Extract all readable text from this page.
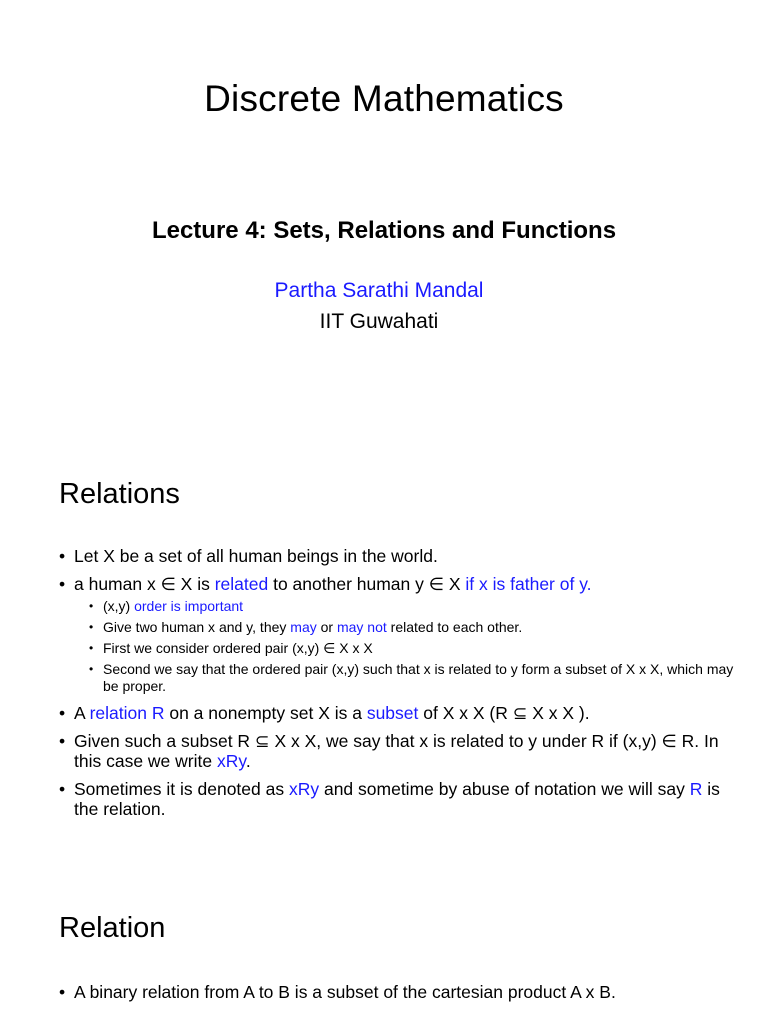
Discrete Mathematics
Lecture 4: Sets, Relations and Functions
Partha Sarathi Mandal
IIT Guwahati
Relations
• Let X be a set of all human beings in the world.
• a human x ∈ X is related to another human y ∈ X if x is father of y.
• (x,y) order is important
• Give two human x and y, they may or may not related to each other.
• First we consider ordered pair (x,y) ∈ X x X
• Second we say that the ordered pair (x,y) such that x is related to y form a subset of X x X, which may be proper.
• A relation R on a nonempty set X is a subset of X x X (R ⊆ X x X ).
• Given such a subset R ⊆ X x X, we say that x is related to y under R if (x,y) ∈ R. In this case we write xRy.
• Sometimes it is denoted as xRy and sometime by abuse of notation we will say R is the relation.
Relation
• A binary relation from A to B is a subset of the cartesian product A x B.
